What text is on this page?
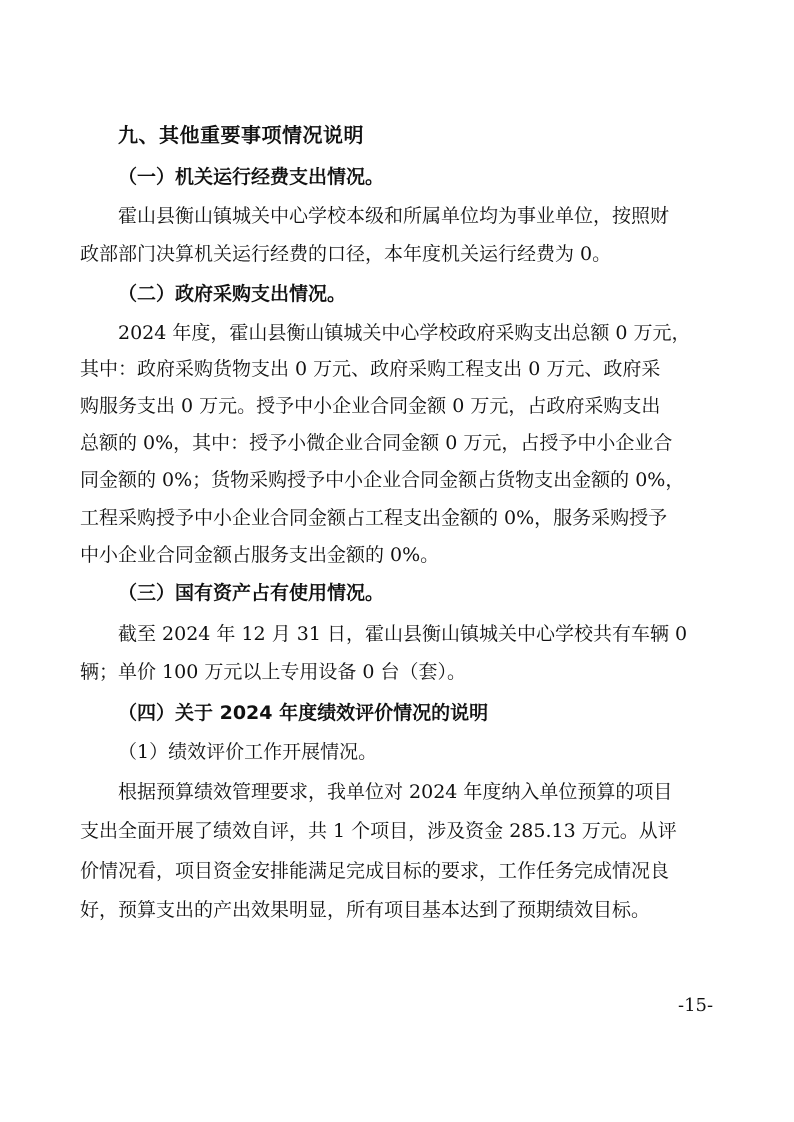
九、其他重要事项情况说明
（一）机关运行经费支出情况。
霍山县衡山镇城关中心学校本级和所属单位均为事业单位，按照财
政部部门决算机关运行经费的口径，本年度机关运行经费为 0。
（二）政府采购支出情况。
2024 年度，霍山县衡山镇城关中心学校政府采购支出总额 0 万元，
其中：政府采购货物支出 0 万元、政府采购工程支出 0 万元、政府采
购服务支出 0 万元。授予中小企业合同金额 0 万元，占政府采购支出
总额的 0%，其中：授予小微企业合同金额 0 万元，占授予中小企业合
同金额的 0%；货物采购授予中小企业合同金额占货物支出金额的 0%，
工程采购授予中小企业合同金额占工程支出金额的 0%，服务采购授予
中小企业合同金额占服务支出金额的 0%。
（三）国有资产占有使用情况。
截至 2024 年 12 月 31 日，霍山县衡山镇城关中心学校共有车辆 0
辆；单价 100 万元以上专用设备 0 台（套）。
（四）关于 2024 年度绩效评价情况的说明
（1）绩效评价工作开展情况。
根据预算绩效管理要求，我单位对 2024 年度纳入单位预算的项目
支出全面开展了绩效自评，共 1 个项目，涉及资金 285.13 万元。从评
价情况看，项目资金安排能满足完成目标的要求，工作任务完成情况良
好，预算支出的产出效果明显，所有项目基本达到了预期绩效目标。
-15-
